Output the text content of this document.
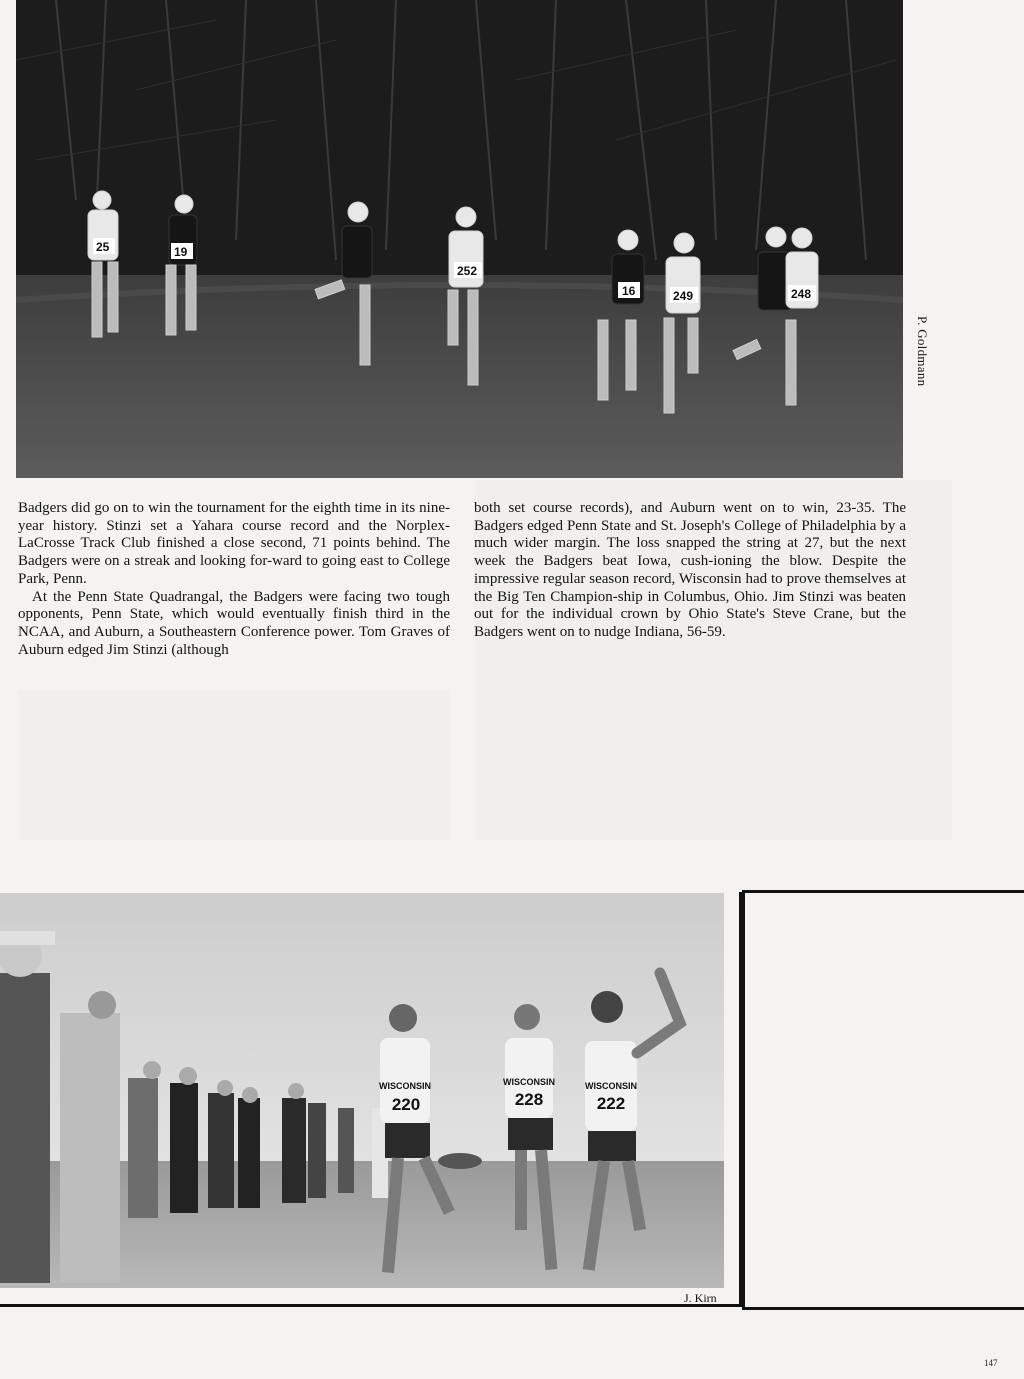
25	19
252
16	249	248
P. Goldmann

Badgers did go on to win the tournament for the eighth time in its nine-year history. Stinzi set a Yahara course record and the Norplex-LaCrosse Track Club finished a close second, 71 points behind. The Badgers were on a streak and looking for-ward to going east to College Park, Penn.

At the Penn State Quadrangal, the Badgers were facing two tough opponents, Penn State, which would eventually finish third in the NCAA, and Auburn, a Southeastern Conference power. Tom Graves of Auburn edged Jim Stinzi (although

both set course records), and Auburn went on to win, 23-35. The Badgers edged Penn State and St. Joseph's College of Philadelphia by a much wider margin. The loss snapped the string at 27, but the next week the Badgers beat Iowa, cush-ioning the blow. Despite the impressive regular season record, Wisconsin had to prove themselves at the Big Ten Champion-ship in Columbus, Ohio. Jim Stinzi was beaten out for the individual crown by Ohio State's Steve Crane, but the Badgers went on to nudge Indiana, 56-59.

WISCONSIN
220
WISCONSIN
228
WISCONSIN
222
J. Kirn
147
